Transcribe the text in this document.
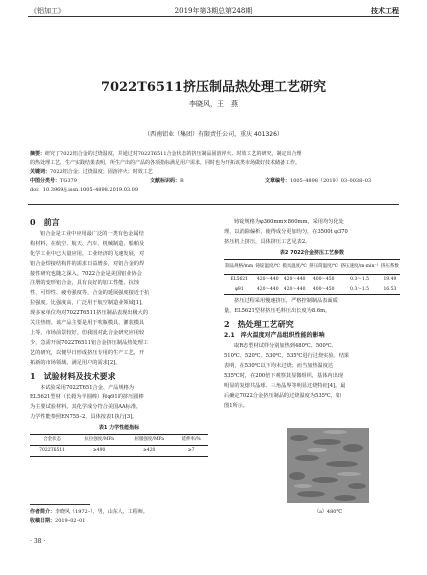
《铝加工》	2019年第3期总第248期	技术工程
7022T6511挤压制品热处理工艺研究
李晓风，王　燕
（西南铝业（集团）有限责任公司，重庆 401326）
摘要：研究了7022铝合金的过烧温度，并通过对7022T6511合金状态的挤压制品固溶淬火、时效工艺的研究，制定出合理
的热处理工艺，生产实践结果表明，所生产出的产品的各项指标满足用户需求，同时也为开拓该类市场做好技术储备工作。
关键词：7022铝合金；过烧温度；固溶淬火；时效工艺
中图分类号：TG379	文献标识码：B	文章编号：1005–4898（2019）03–0038–03
doi：10.3969/j.issn.1005–4898.2019.03.09
0　前言
铝合金是工业中应用最广泛的一类有色金属结
构材料，在航空、航天、汽车、机械制造、船舶及
化学工业中已大量应用。工业经济的飞速发展，对
铝合金焊接结构件的需求日益增多，对铝合金的焊
接性研究也随之深入。7022合金是美国铝业协会
注册的变形铝合金，具有良好的加工性能、抗蚀
性、可焊性、疲劳强度等，合金的延展强度接近于抗
拉强度。比强度高，广泛用于航空制造业领域[1]，
现多家单位均对7022T6511挤压制品表现出极大的
关注热情。该产品主要是用于吹瓶模具、灌装模具
上等，市场前景较好。但我国对此合金研究应用较
少，急需开展7022T6511铝合金挤压制品热处理工
艺的研究，以便早日形成挤压专用的生产工艺，开
拓新的市场领域，满足用户的需求[2]。
1　试验材料及技术要求
本试验采用7022T651合金、产品规格为
EL5621型材（长毂为半圆棒）和φ91的挤压圆棒
为主要试验材料。其化学成分符合美国AA标准，
力学性能参照EN755–2，具体按表1执行[3]。
表1 力学性能指标
合金状态	抗拉强度/MPa	屈服强度/MPa	延伸率/%
7022T6511	≥490	≥420	≥7
作者简介：李晓风（1972–），男，山东人，工程师。
收稿日期：2019–02–01
· 38 ·
铸锭规格为φ360mm×860mm，采用均匀化处
理，以消除偏析，使得成分更加均匀，在3500t φ370
挤压机上挤压，具体挤压工艺见表2。
表2 7022合金挤压工艺参数
制品规格/mm	铸锭温度/℃	模具温度/℃	挤压筒温度/℃	挤压速度/m·min⁻¹	挤压系数
EL5621	420～440	420～440	400～450	0.3～1.5	19.49
φ91	420～440	420～440	400～450	0.3～1.5	16.53
挤压过程采用慢速挤压，严格控制制品表面质
量，EL5621型材挤压毛料压出长度为8.6m。
2　热处理工艺研究
2.1　淬火温度对产品组织性能的影响
取R态型材试样分别加热到480℃、500℃、
510℃、520℃、530℃、535℃进行过烧实验。结果
表明，在530℃以下均未过烧；而当加热温度达
535℃时，在200倍下观察其显微组织，基体内出现
明显的复熔共晶球、三角晶界等明显过烧特征[4]。最
后确定7022合金挤压制品的过烧温度为535℃，如
图1所示。
（a）480℃
